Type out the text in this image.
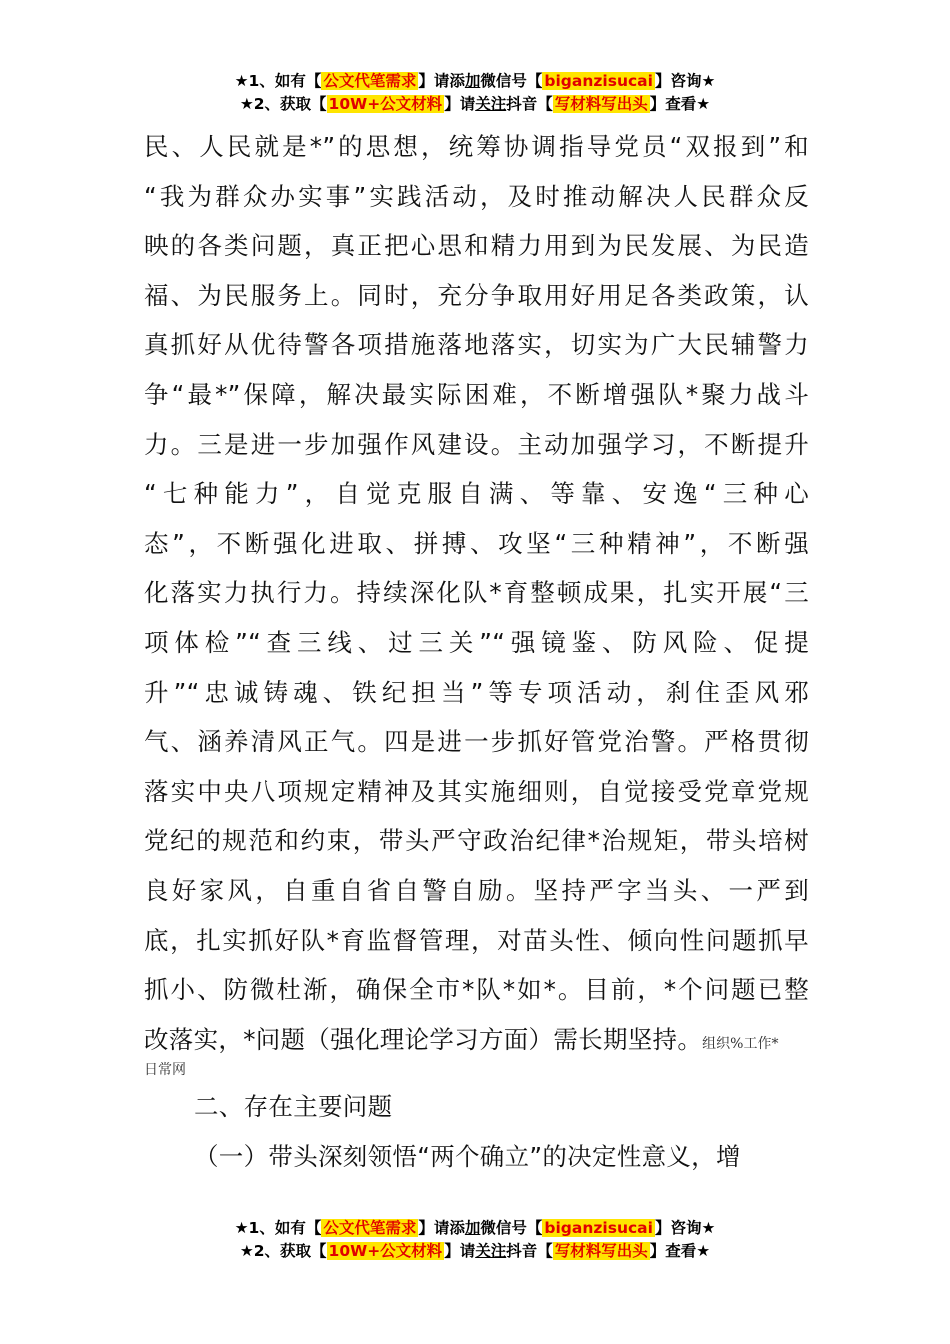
★1、如有【 公文代笔需求 】请添加微信号【 biganzisucai 】咨询★
★2、获取【 10W+公文材料 】请关注抖音【 写材料写出头 】查看★
民、人民就是*”的思想，统筹协调指导党员“双报到”和
“我为群众办实事”实践活动，及时推动解决人民群众反
映的各类问题，真正把心思和精力用到为民发展、为民造
福、为民服务上。同时，充分争取用好用足各类政策，认
真抓好从优待警各项措施落地落实，切实为广大民辅警力
争“最*”保障，解决最实际困难，不断增强队*聚力战斗
力。三是进一步加强作风建设。主动加强学习，不断提升
“七种能力”，自觉克服自满、等靠、安逸“三种心
态”，不断强化进取、拼搏、攻坚“三种精神”，不断强
化落实力执行力。持续深化队*育整顿成果，扎实开展“三
项体检”“查三线、过三关”“强镜鉴、防风险、促提
升”“忠诚铸魂、铁纪担当”等专项活动，刹住歪风邪
气、涵养清风正气。四是进一步抓好管党治警。严格贯彻
落实中央八项规定精神及其实施细则，自觉接受党章党规
党纪的规范和约束，带头严守政治纪律*治规矩，带头培树
良好家风，自重自省自警自励。坚持严字当头、一严到
底，扎实抓好队*育监督管理，对苗头性、倾向性问题抓早
抓小、防微杜渐，确保全市*队*如*。目前，*个问题已整
改落实，*问题（强化理论学习方面）需长期坚持。组织%工作*
日常网
二、存在主要问题
（一）带头深刻领悟“两个确立”的决定性意义，增
★1、如有【 公文代笔需求 】请添加微信号【 biganzisucai 】咨询★
★2、获取【 10W+公文材料 】请关注抖音【 写材料写出头 】查看★
